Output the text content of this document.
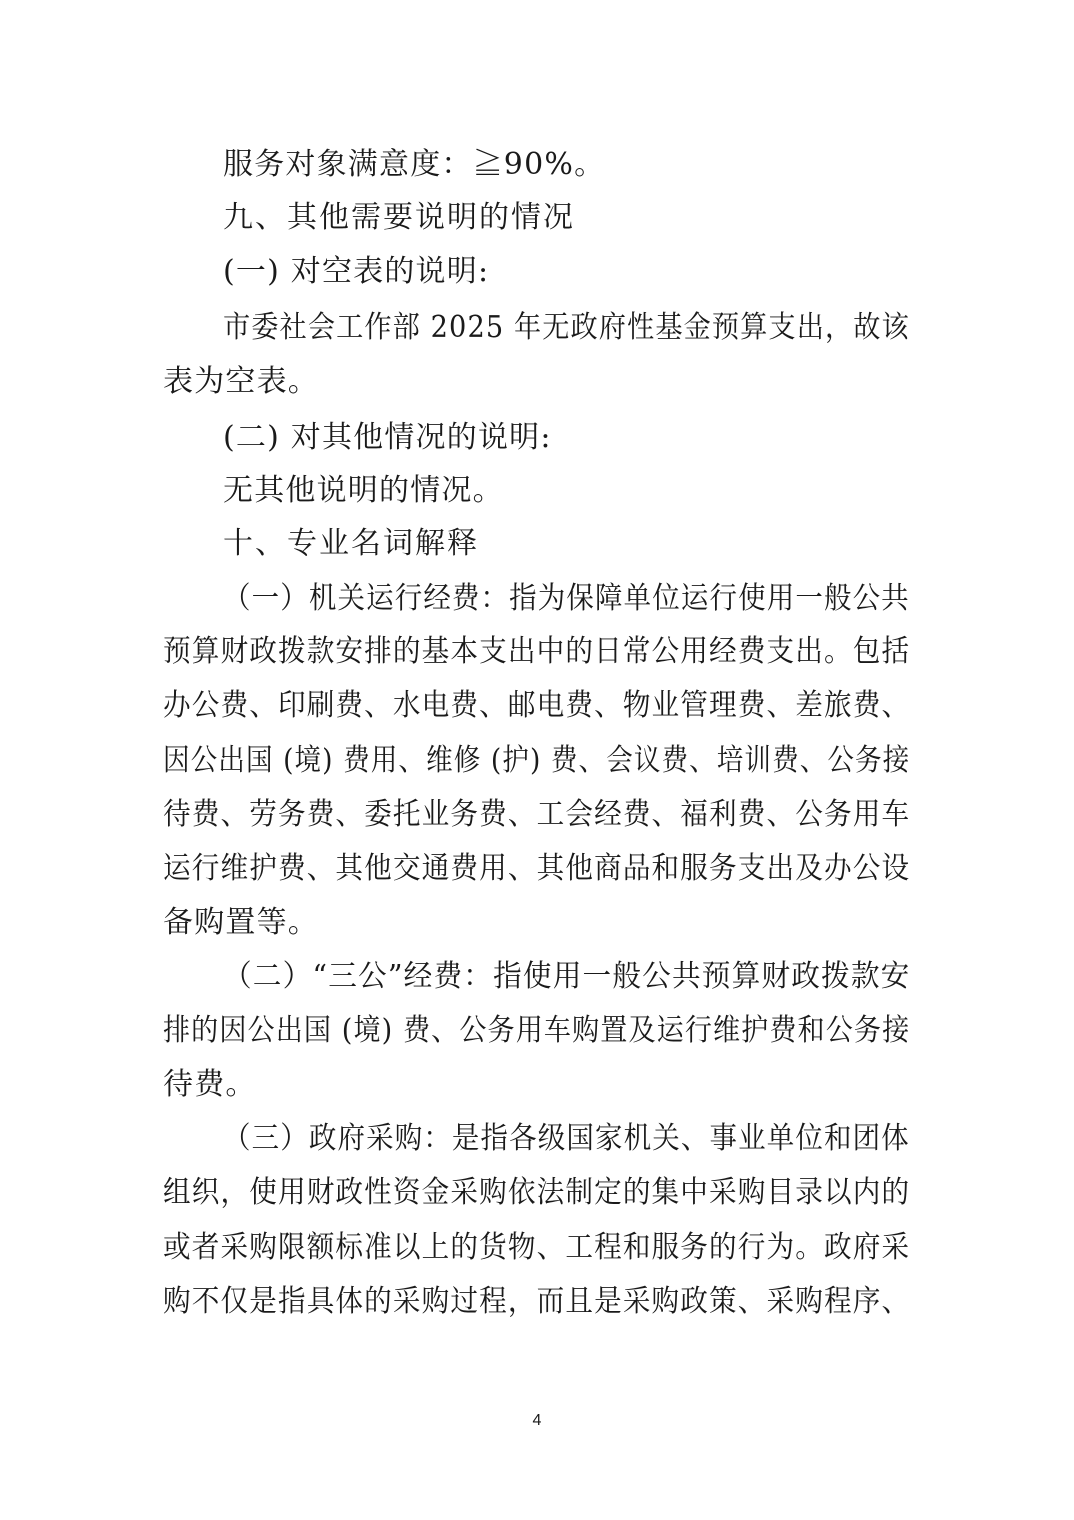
服务对象满意度：≧90%。
九、其他需要说明的情况
(一) 对空表的说明:
市委社会工作部 2025 年无政府性基金预算支出，故该
表为空表。
(二) 对其他情况的说明:
无其他说明的情况。
十、专业名词解释
（一）机关运行经费：指为保障单位运行使用一般公共
预算财政拨款安排的基本支出中的日常公用经费支出。包括
办公费、印刷费、水电费、邮电费、物业管理费、差旅费、
因公出国 (境) 费用、维修 (护) 费、会议费、培训费、公务接
待费、劳务费、委托业务费、工会经费、福利费、公务用车
运行维护费、其他交通费用、其他商品和服务支出及办公设
备购置等。
（二）“三公”经费：指使用一般公共预算财政拨款安
排的因公出国 (境) 费、公务用车购置及运行维护费和公务接
待费。
（三）政府采购：是指各级国家机关、事业单位和团体
组织，使用财政性资金采购依法制定的集中采购目录以内的
或者采购限额标准以上的货物、工程和服务的行为。政府采
购不仅是指具体的采购过程，而且是采购政策、采购程序、
4
